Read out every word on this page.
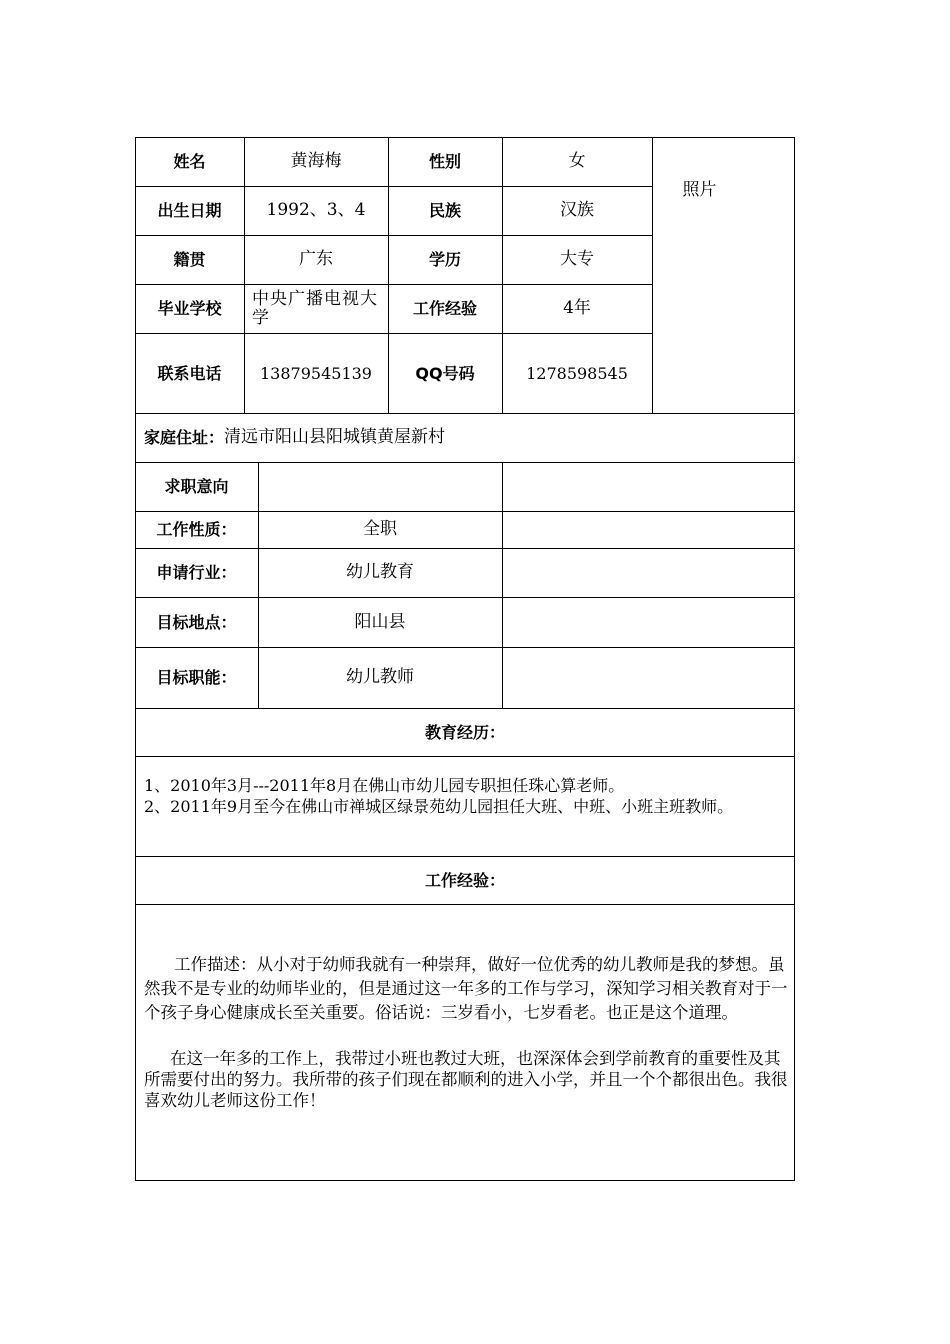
姓名	黄海梅	性别	女
照片
出生日期	1992、3、4	民族	汉族
籍贯	广东	学历	大专
毕业学校	中央广播电视大学	工作经验	4年
联系电话	13879545139	QQ号码	1278598545
家庭住址： 清远市阳山县阳城镇黄屋新村
求职意向
工作性质：	全职
申请行业：	幼儿教育
目标地点：	阳山县
目标职能：	幼儿教师
教育经历：
1、2010年3月---2011年8月在佛山市幼儿园专职担任珠心算老师。
2、2011年9月至今在佛山市禅城区绿景苑幼儿园担任大班、中班、小班主班教师。
工作经验：
工作描述：从小对于幼师我就有一种崇拜，做好一位优秀的幼儿教师是我的梦想。虽然我不是专业的幼师毕业的，但是通过这一年多的工作与学习，深知学习相关教育对于一个孩子身心健康成长至关重要。俗话说：三岁看小，七岁看老。也正是这个道理。
在这一年多的工作上，我带过小班也教过大班，也深深体会到学前教育的重要性及其所需要付出的努力。我所带的孩子们现在都顺利的进入小学，并且一个个都很出色。我很喜欢幼儿老师这份工作！
